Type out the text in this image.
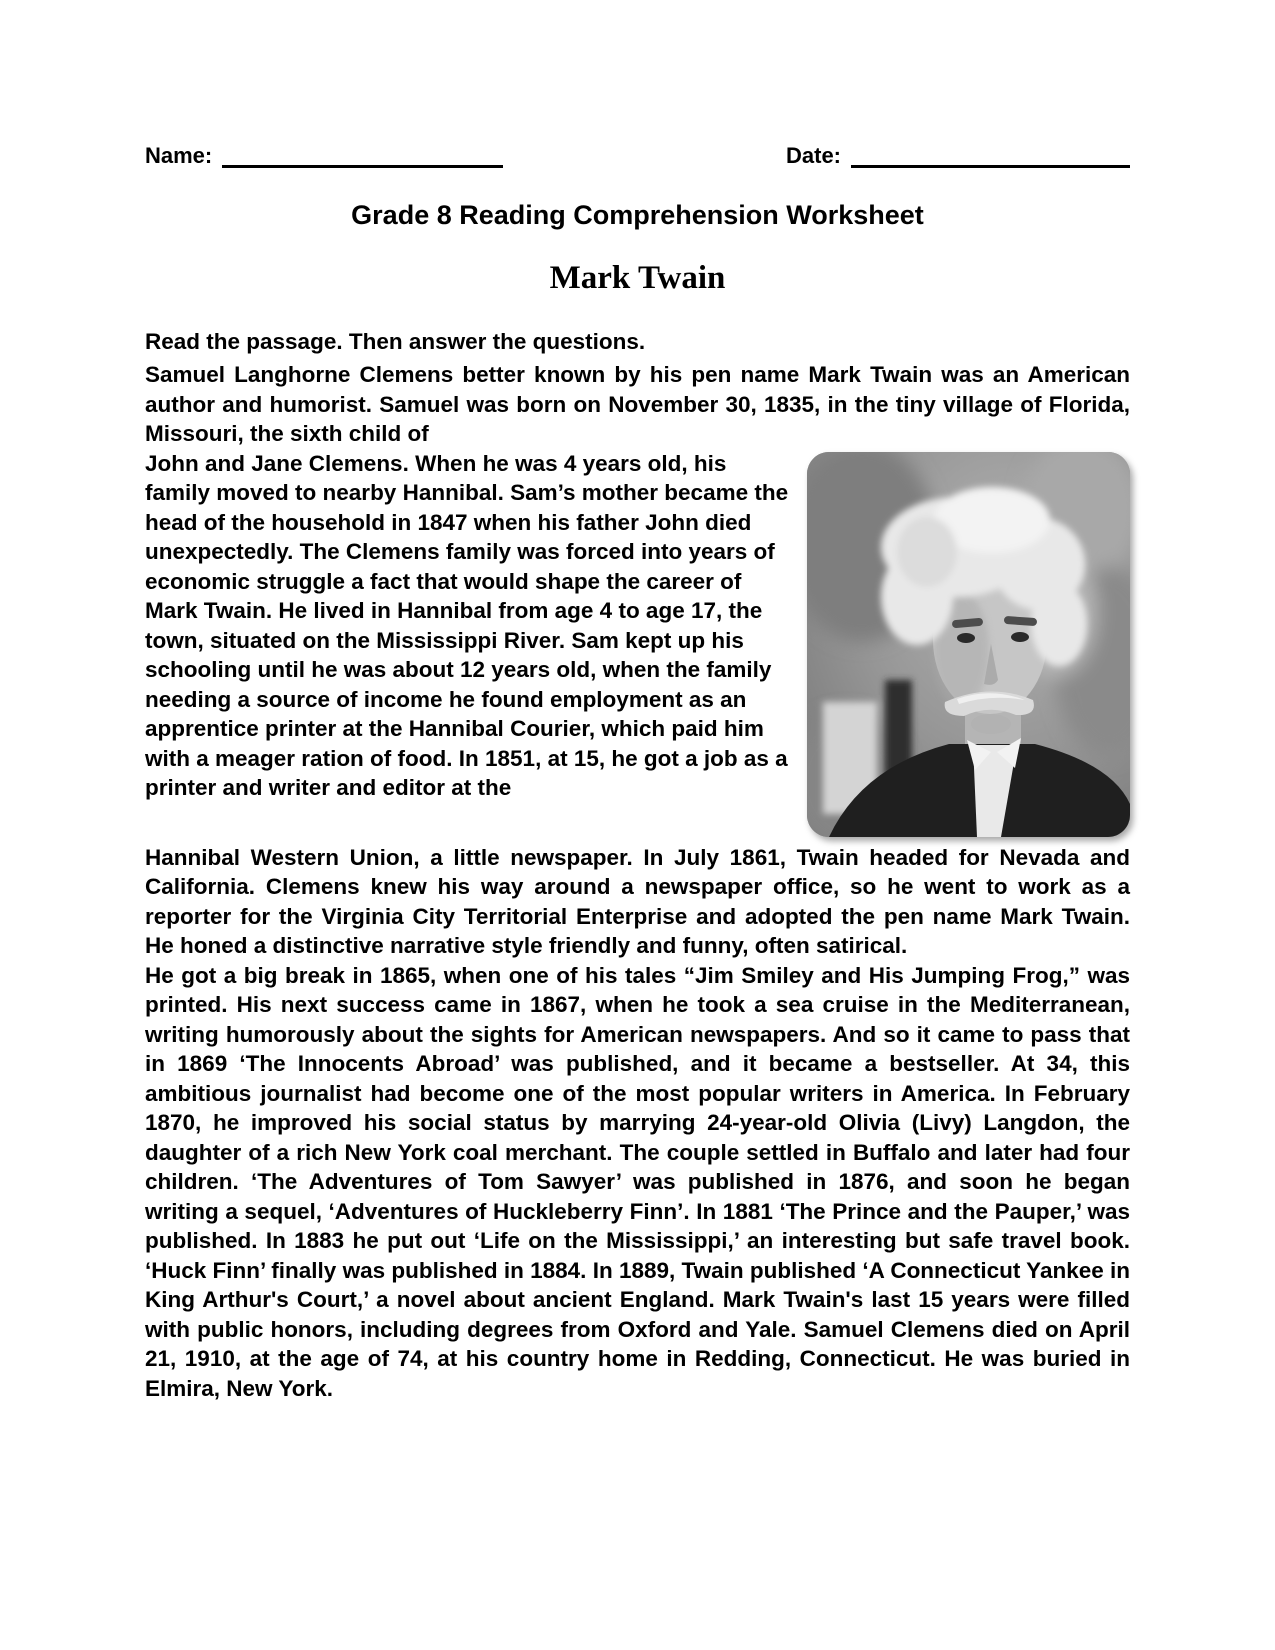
Name:	Date:
Grade 8 Reading Comprehension Worksheet
Mark Twain

Read the passage. Then answer the questions.

Samuel Langhorne Clemens better known by his pen name Mark Twain was an American author and humorist. Samuel was born on November 30, 1835, in the tiny village of Florida, Missouri, the sixth child of

John and Jane Clemens. When he was 4 years old, his family moved to nearby Hannibal. Sam’s mother became the head of the household in 1847 when his father John died unexpectedly. The Clemens family was forced into years of economic struggle a fact that would shape the career of Mark Twain. He lived in Hannibal from age 4 to age 17, the town, situated on the Mississippi River. Sam kept up his schooling until he was about 12 years old, when the family needing a source of income he found employment as an apprentice printer at the Hannibal Courier, which paid him with a meager ration of food. In 1851, at 15, he got a job as a printer and writer and editor at the

Hannibal Western Union, a little newspaper. In July 1861, Twain headed for Nevada and California. Clemens knew his way around a newspaper office, so he went to work as a reporter for the Virginia City Territorial Enterprise and adopted the pen name Mark Twain. He honed a distinctive narrative style friendly and funny, often satirical.

He got a big break in 1865, when one of his tales “Jim Smiley and His Jumping Frog,” was printed. His next success came in 1867, when he took a sea cruise in the Mediterranean, writing humorously about the sights for American newspapers. And so it came to pass that in 1869 ‘The Innocents Abroad’ was published, and it became a bestseller. At 34, this ambitious journalist had become one of the most popular writers in America. In February 1870, he improved his social status by marrying 24-year-old Olivia (Livy) Langdon, the daughter of a rich New York coal merchant. The couple settled in Buffalo and later had four children. ‘The Adventures of Tom Sawyer’ was published in 1876, and soon he began writing a sequel, ‘Adventures of Huckleberry Finn’. In 1881 ‘The Prince and the Pauper,’ was published. In 1883 he put out ‘Life on the Mississippi,’ an interesting but safe travel book. ‘Huck Finn’ finally was published in 1884. In 1889, Twain published ‘A Connecticut Yankee in King Arthur's Court,’ a novel about ancient England. Mark Twain's last 15 years were filled with public honors, including degrees from Oxford and Yale. Samuel Clemens died on April 21, 1910, at the age of 74, at his country home in Redding, Connecticut. He was buried in Elmira, New York.
